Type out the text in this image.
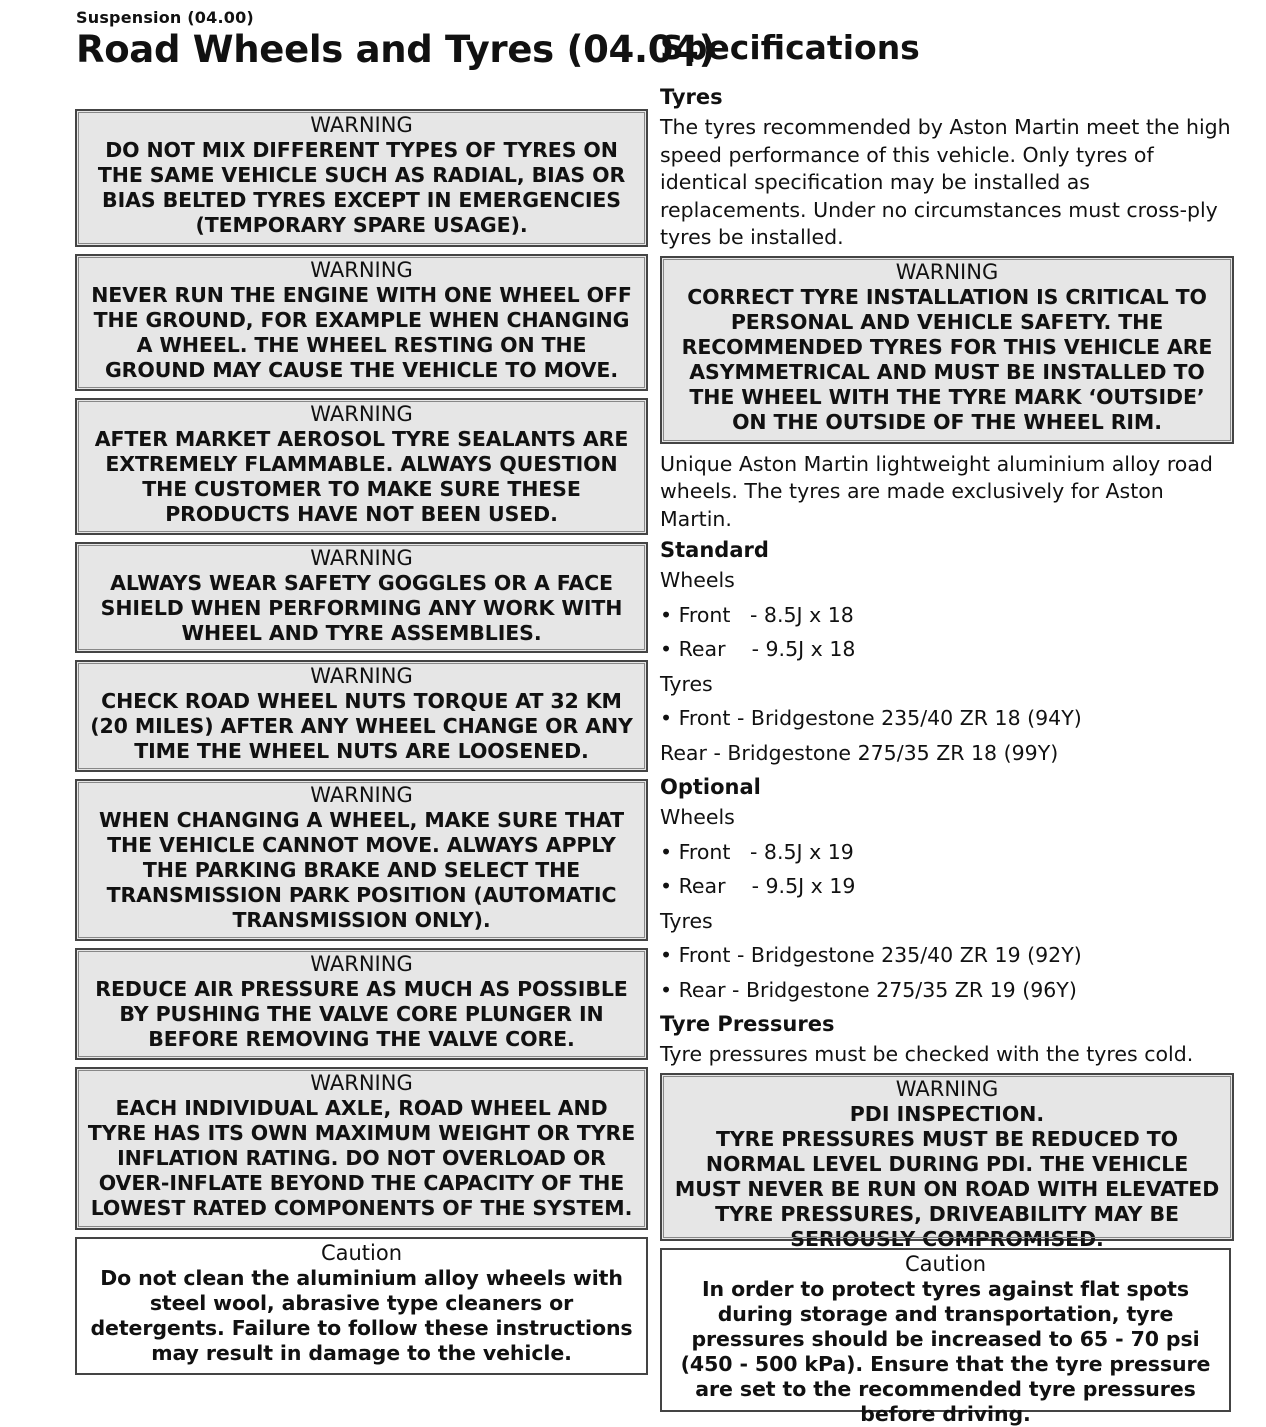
Suspension (04.00)
Road Wheels and Tyres (04.04)
Specifications
WARNING
DO NOT MIX DIFFERENT TYPES OF TYRES ON THE SAME VEHICLE SUCH AS RADIAL, BIAS OR BIAS BELTED TYRES EXCEPT IN EMERGENCIES (TEMPORARY SPARE USAGE).
WARNING
NEVER RUN THE ENGINE WITH ONE WHEEL OFF THE GROUND, FOR EXAMPLE WHEN CHANGING A WHEEL. THE WHEEL RESTING ON THE GROUND MAY CAUSE THE VEHICLE TO MOVE.
WARNING
AFTER MARKET AEROSOL TYRE SEALANTS ARE EXTREMELY FLAMMABLE. ALWAYS QUESTION THE CUSTOMER TO MAKE SURE THESE PRODUCTS HAVE NOT BEEN USED.
WARNING
ALWAYS WEAR SAFETY GOGGLES OR A FACE SHIELD WHEN PERFORMING ANY WORK WITH WHEEL AND TYRE ASSEMBLIES.
WARNING
CHECK ROAD WHEEL NUTS TORQUE AT 32 KM (20 MILES) AFTER ANY WHEEL CHANGE OR ANY TIME THE WHEEL NUTS ARE LOOSENED.
WARNING
WHEN CHANGING A WHEEL, MAKE SURE THAT THE VEHICLE CANNOT MOVE. ALWAYS APPLY THE PARKING BRAKE AND SELECT THE TRANSMISSION PARK POSITION (AUTOMATIC TRANSMISSION ONLY).
WARNING
REDUCE AIR PRESSURE AS MUCH AS POSSIBLE BY PUSHING THE VALVE CORE PLUNGER IN BEFORE REMOVING THE VALVE CORE.
WARNING
EACH INDIVIDUAL AXLE, ROAD WHEEL AND TYRE HAS ITS OWN MAXIMUM WEIGHT OR TYRE INFLATION RATING. DO NOT OVERLOAD OR OVER-INFLATE BEYOND THE CAPACITY OF THE LOWEST RATED COMPONENTS OF THE SYSTEM.
Caution
Do not clean the aluminium alloy wheels with steel wool, abrasive type cleaners or detergents. Failure to follow these instructions may result in damage to the vehicle.
Tyres
The tyres recommended by Aston Martin meet the high speed performance of this vehicle. Only tyres of identical specification may be installed as replacements. Under no circumstances must cross-ply tyres be installed.
WARNING
CORRECT TYRE INSTALLATION IS CRITICAL TO PERSONAL AND VEHICLE SAFETY. THE RECOMMENDED TYRES FOR THIS VEHICLE ARE ASYMMETRICAL AND MUST BE INSTALLED TO THE WHEEL WITH THE TYRE MARK ‘OUTSIDE’ ON THE OUTSIDE OF THE WHEEL RIM.
Unique Aston Martin lightweight aluminium alloy road wheels. The tyres are made exclusively for Aston Martin.
Standard
Wheels
• Front   - 8.5J x 18
• Rear    - 9.5J x 18
Tyres
• Front - Bridgestone 235/40 ZR 18 (94Y)
Rear - Bridgestone 275/35 ZR 18 (99Y)
Optional
Wheels
• Front   - 8.5J x 19
• Rear    - 9.5J x 19
Tyres
• Front - Bridgestone 235/40 ZR 19 (92Y)
• Rear - Bridgestone 275/35 ZR 19 (96Y)
Tyre Pressures
Tyre pressures must be checked with the tyres cold.
WARNING
PDI INSPECTION.
TYRE PRESSURES MUST BE REDUCED TO NORMAL LEVEL DURING PDI. THE VEHICLE MUST NEVER BE RUN ON ROAD WITH ELEVATED TYRE PRESSURES, DRIVEABILITY MAY BE SERIOUSLY COMPROMISED.
Caution
In order to protect tyres against flat spots during storage and transportation, tyre pressures should be increased to 65 - 70 psi (450 - 500 kPa). Ensure that the tyre pressure are set to the recommended tyre pressures before driving.
